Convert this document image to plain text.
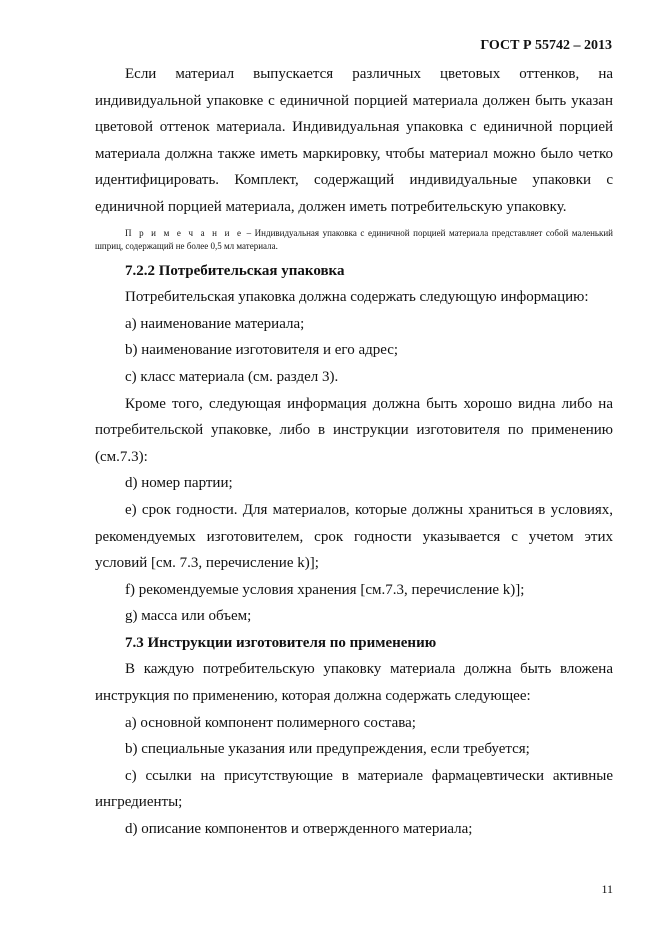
ГОСТ Р 55742 – 2013

Если материал выпускается различных цветовых оттенков, на индивидуальной упаковке с единичной порцией материала должен быть указан цветовой оттенок материала. Индивидуальная упаковка с единичной порцией материала должна также иметь маркировку, чтобы материал можно было четко идентифицировать. Комплект, содержащий индивидуальные упаковки с единичной порцией материала, должен иметь потребительскую упаковку.

П р и м е ч а н и е – Индивидуальная упаковка с единичной порцией материала представляет собой маленький шприц, содержащий не более 0,5 мл материала.

7.2.2 Потребительская упаковка

Потребительская упаковка должна содержать следующую информацию:

а) наименование материала;

b) наименование изготовителя и его адрес;

с) класс материала (см. раздел 3).

Кроме того, следующая информация должна быть хорошо видна либо на потребительской упаковке, либо в инструкции изготовителя по применению (см.7.3):

d) номер партии;

e) срок годности. Для материалов, которые должны храниться в условиях, рекомендуемых изготовителем, срок годности указывается с учетом этих условий [см. 7.3, перечисление k)];

f) рекомендуемые условия хранения [см.7.3, перечисление k)];

g) масса или объем;

7.3 Инструкции изготовителя по применению

В каждую потребительскую упаковку материала должна быть вложена инструкция по применению, которая должна содержать следующее:

а) основной компонент полимерного состава;

b) специальные указания или предупреждения, если требуется;

c) ссылки на присутствующие в материале фармацевтически активные ингредиенты;

d) описание компонентов и отвержденного материала;

11
